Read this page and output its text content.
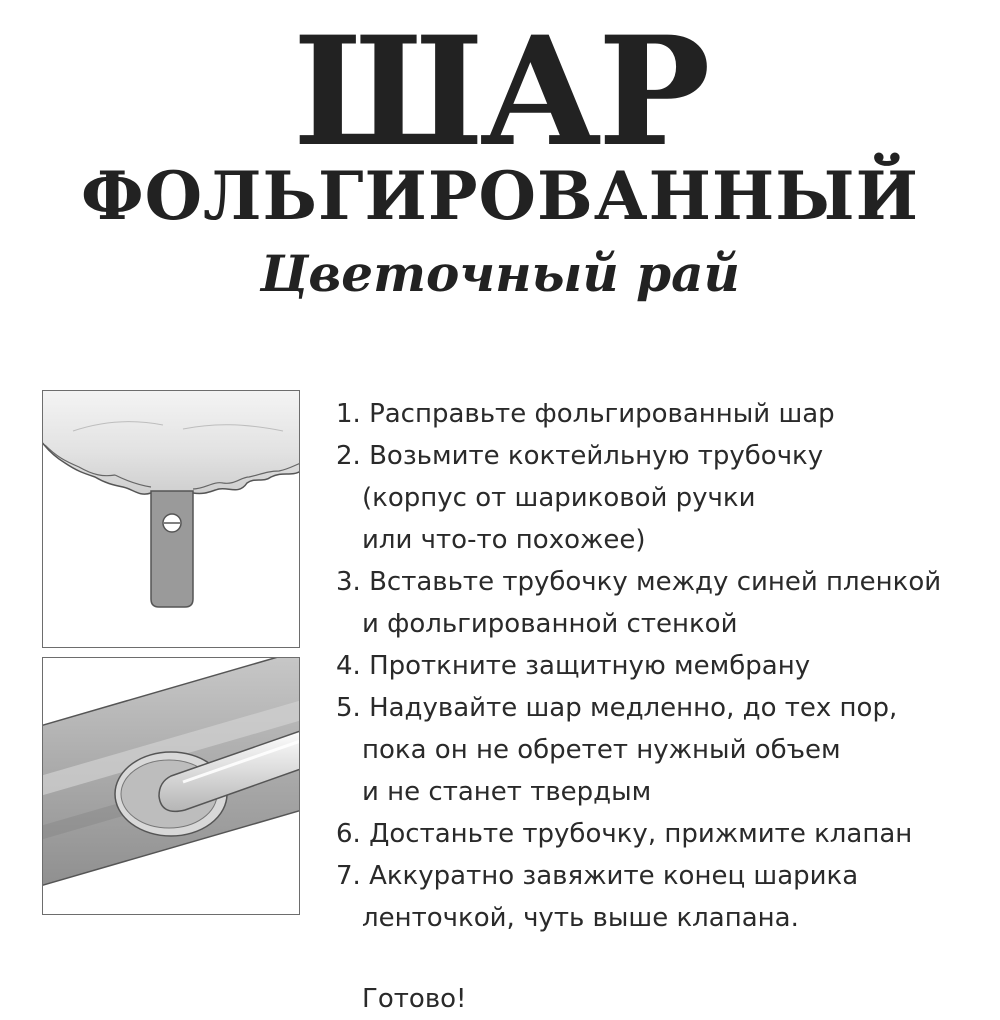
ШАР
ФОЛЬГИРОВАННЫЙ
Цветочный рай
1. Расправьте фольгированный шар
2. Возьмите коктейльную трубочку
(корпус от шариковой ручки
или что-то похожее)
3. Вставьте трубочку между синей пленкой
и фольгированной стенкой
4. Проткните защитную мембрану
5. Надувайте шар медленно, до тех пор,
пока он не обретет нужный объем
и не станет твердым
6. Достаньте трубочку, прижмите клапан
7. Аккуратно завяжите конец шарика
ленточкой, чуть выше клапана.

Готово!
